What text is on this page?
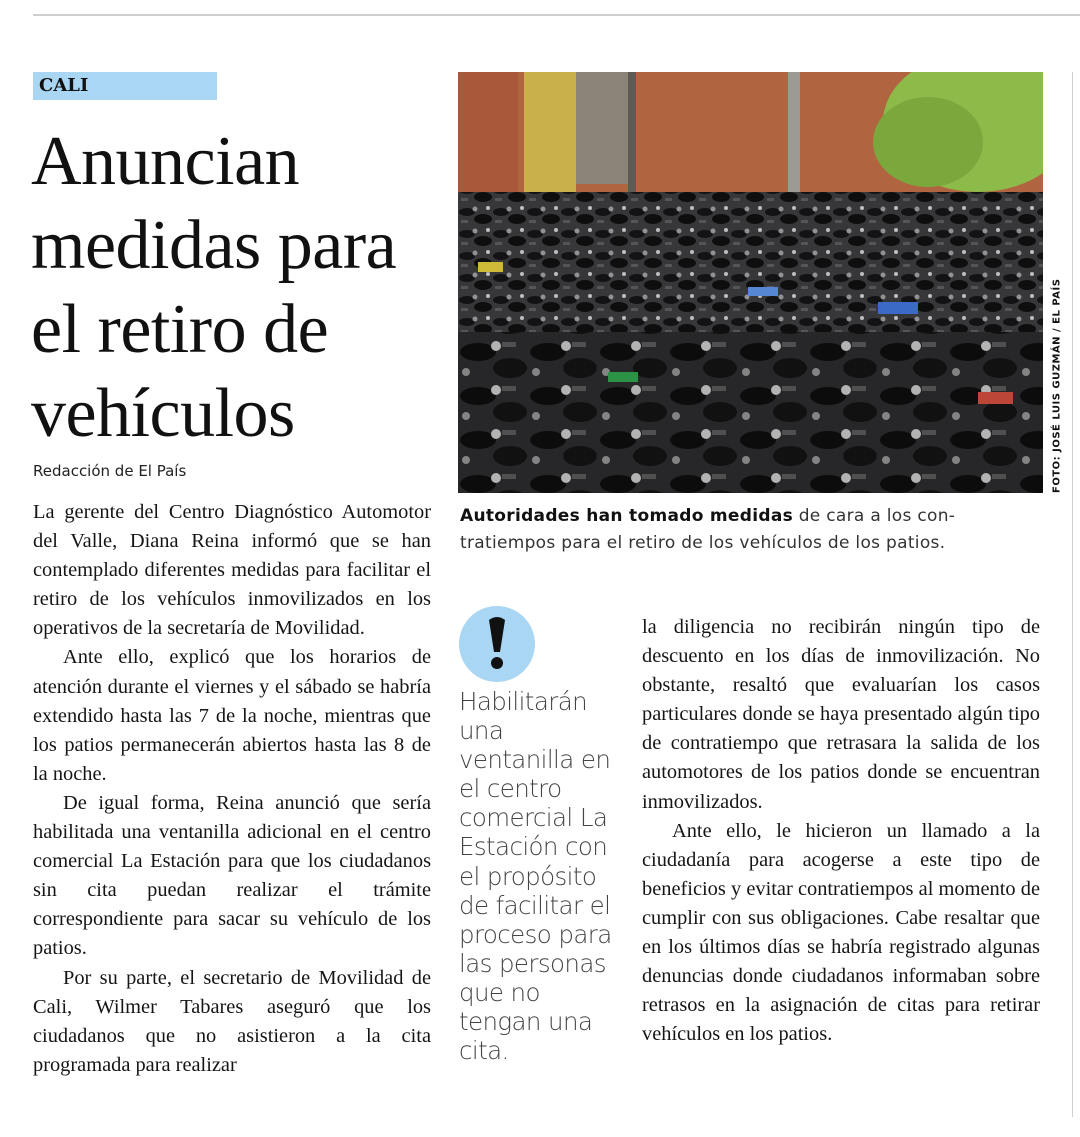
CALI
Anuncian medidas para el retiro de vehículos
Redacción de El País	FOTO: JOSÉ LUIS GUZMÁN / EL PAÍS
Autoridades han tomado medidas de cara a los contratiempos para el retiro de los vehículos de los patios.

La gerente del Centro Diagnóstico Automotor del Valle, Diana Reina informó que se han contemplado diferentes medidas para facilitar el retiro de los vehículos inmovilizados en los operativos de la secretaría de Movilidad.

Ante ello, explicó que los horarios de atención durante el viernes y el sábado se habría extendido hasta las 7 de la noche, mientras que los patios permanecerán abiertos hasta las 8 de la noche.

De igual forma, Reina anunció que sería habilitada una ventanilla adicional en el centro comercial La Estación para que los ciudadanos sin cita puedan realizar el trámite correspondiente para sacar su vehículo de los patios.

Por su parte, el secretario de Movilidad de Cali, Wilmer Tabares aseguró que los ciudadanos que no asistieron a la cita programada para realizar

Habilitarán una ventanilla en el centro comercial La Estación con el propósito de facilitar el proceso para las personas que no tengan una cita.

la diligencia no recibirán ningún tipo de descuento en los días de inmovilización. No obstante, resaltó que evaluarían los casos particulares donde se haya presentado algún tipo de contratiempo que retrasara la salida de los automotores de los patios donde se encuentran inmovilizados.

Ante ello, le hicieron un llamado a la ciudadanía para acogerse a este tipo de beneficios y evitar contratiempos al momento de cumplir con sus obligaciones. Cabe resaltar que en los últimos días se habría registrado algunas denuncias donde ciudadanos informaban sobre retrasos en la asignación de citas para retirar vehículos en los patios.
